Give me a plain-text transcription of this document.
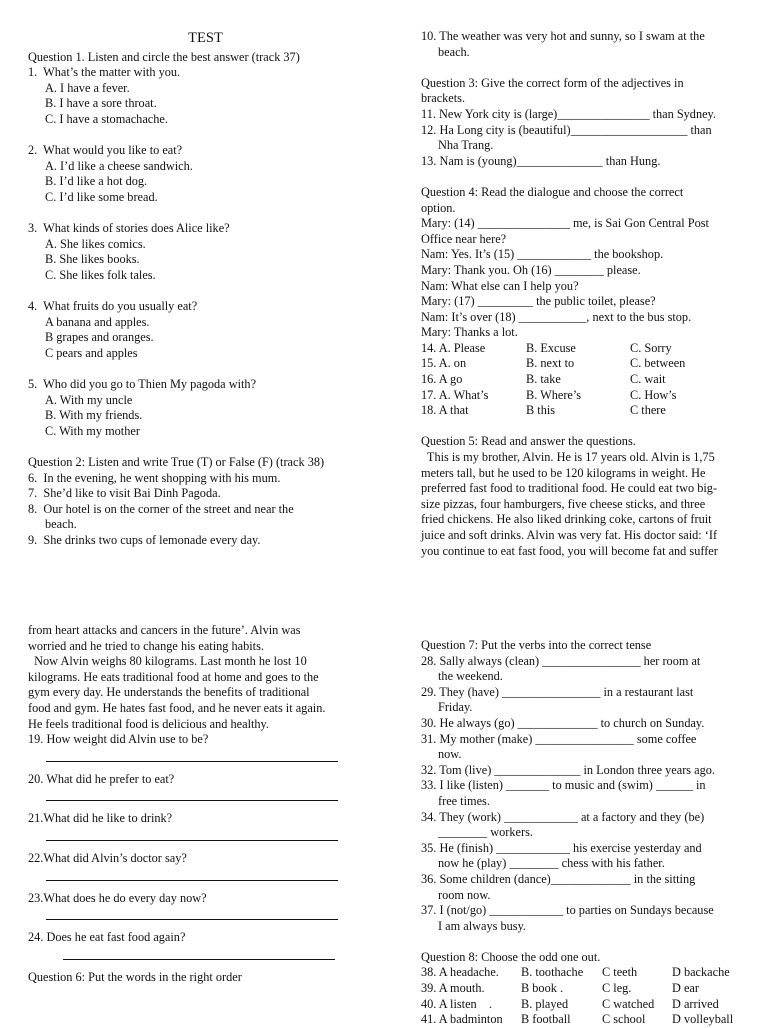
TEST
Question 1. Listen and circle the best answer (track 37)
1.  What’s the matter with you.
A. I have a fever.
B. I have a sore throat.
C. I have a stomachache.
2.  What would you like to eat?
A. I’d like a cheese sandwich.
B. I’d like a hot dog.
C. I’d like some bread.
3.  What kinds of stories does Alice like?
A. She likes comics.
B. She likes books.
C. She likes folk tales.
4.  What fruits do you usually eat?
A banana and apples.
B grapes and oranges.
C pears and apples
5.  Who did you go to Thien My pagoda with?
A. With my uncle
B. With my friends.
C. With my mother
Question 2: Listen and write True (T) or False (F) (track 38)
6.  In the evening, he went shopping with his mum.
7.  She’d like to visit Bai Dinh Pagoda.
8.  Our hotel is on the corner of the street and near the
beach.
9.  She drinks two cups of lemonade every day.
10. The weather was very hot and sunny, so I swam at the
beach.
Question 3: Give the correct form of the adjectives in
brackets.
11. New York city is (large)_______________ than Sydney.
12. Ha Long city is (beautiful)___________________ than
Nha Trang.
13. Nam is (young)______________ than Hung.
Question 4: Read the dialogue and choose the correct
option.
Mary: (14) _______________ me, is Sai Gon Central Post
Office near here?
Nam: Yes. It’s (15) ____________ the bookshop.
Mary: Thank you. Oh (16) ________ please.
Nam: What else can I help you?
Mary: (17) _________ the public toilet, please?
Nam: It’s over (18) ___________, next to the bus stop.
Mary: Thanks a lot.
14. A. Please	B. Excuse	C. Sorry
15. A. on	B. next to	C. between
16. A go	B. take	C. wait
17. A. What’s	B. Where’s	C. How’s
18. A that	B this	C there
Question 5: Read and answer the questions.
This is my brother, Alvin. He is 17 years old. Alvin is 1,75
meters tall, but he used to be 120 kilograms in weight. He
preferred fast food to traditional food. He could eat two big-
size pizzas, four hamburgers, five cheese sticks, and three
fried chickens. He also liked drinking coke, cartons of fruit
juice and soft drinks. Alvin was very fat. His doctor said: ‘If
you continue to eat fast food, you will become fat and suffer
from heart attacks and cancers in the future’. Alvin was
worried and he tried to change his eating habits.
Now Alvin weighs 80 kilograms. Last month he lost 10
kilograms. He eats traditional food at home and goes to the
gym every day. He understands the benefits of traditional
food and gym. He hates fast food, and he never eats it again.
He feels traditional food is delicious and healthy.
19. How weight did Alvin use to be?
20. What did he prefer to eat?
21.What did he like to drink?
22.What did Alvin’s doctor say?
23.What does he do every day now?
24. Does he eat fast food again?
Question 6: Put the words in the right order
Question 7: Put the verbs into the correct tense
28. Sally always (clean) ________________ her room at
the weekend.
29. They (have) ________________ in a restaurant last
Friday.
30. He always (go) _____________ to church on Sunday.
31. My mother (make) ________________ some coffee
now.
32. Tom (live) ______________ in London three years ago.
33. I like (listen) _______ to music and (swim) ______ in
free times.
34. They (work) ____________ at a factory and they (be)
________ workers.
35. He (finish) ____________ his exercise yesterday and
now he (play) ________ chess with his father.
36. Some children (dance)_____________ in the sitting
room now.
37. I (not/go) ____________ to parties on Sundays because
I am always busy.
Question 8: Choose the odd one out.
38. A headache.	B. toothache	C teeth	D backache
39. A mouth.	B book .	C leg.	D ear
40. A listen    .	B. played	C watched	D arrived
41. A badminton	B football	C school	D volleyball
